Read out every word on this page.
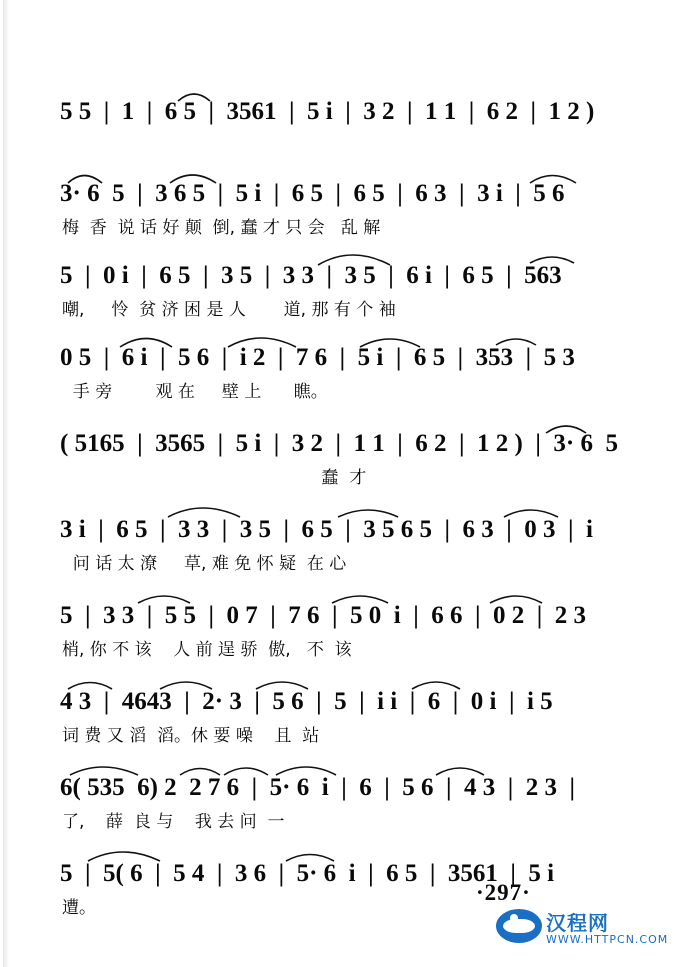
5 5  |  1  |  6 5  |  3561  |  5 i  |  3 2  |  1 1  |  6 2  |  1 2 )
3· 6  5  |  3 6 5  |  5 i  |  6 5  |  6 5  |  6 3  |  3 i  |  5 6
梅  香  说 话 好 颠  倒, 蠢 才 只 会   乱 解
5  |  0 i  |  6 5  |  3 5  |  3 3  |  3 5  |  6 i  |  6 5  |  563
嘲,     怜  贫 济 困 是 人       道, 那 有 个 袖
0 5  |  6 i  |  5 6  |  i 2  |  7 6  |  5 i  |  6 5  |  353  |  5 3
手 旁        观 在     壁 上      瞧。
( 5165  |  3565  |  5 i  |  3 2  |  1 1  |  6 2  |  1 2 )  |  3· 6  5
蠢  才
3 i  |  6 5  |  3 3  |  3 5  |  6 5  |  3 5 6 5  |  6 3  |  0 3  |  i
问 话 太 潦     草, 难 免 怀 疑  在 心
5  |  3 3  |  5 5  |  0 7  |  7 6  |  5 0  i  |  6 6  |  0 2  |  2 3
梢, 你 不 该    人 前 逞 骄  傲,   不  该
4 3  |  4643  |  2· 3  |  5 6  |  5  |  i i  |  6  |  0 i  |  i 5
词 费 又 滔  滔。休 要 噪    且  站
6( 535  6) 2  2 7 6  |  5· 6  i  |  6  |  5 6  |  4 3  |  2 3  |
了,    薛  良 与    我 去 问  一
5  |  5( 6  |  5 4  |  3 6  |  5· 6  i  |  6 5  |  3561  |  5 i
遭。
·297·
汉程网
WWW.HTTPCN.COM
